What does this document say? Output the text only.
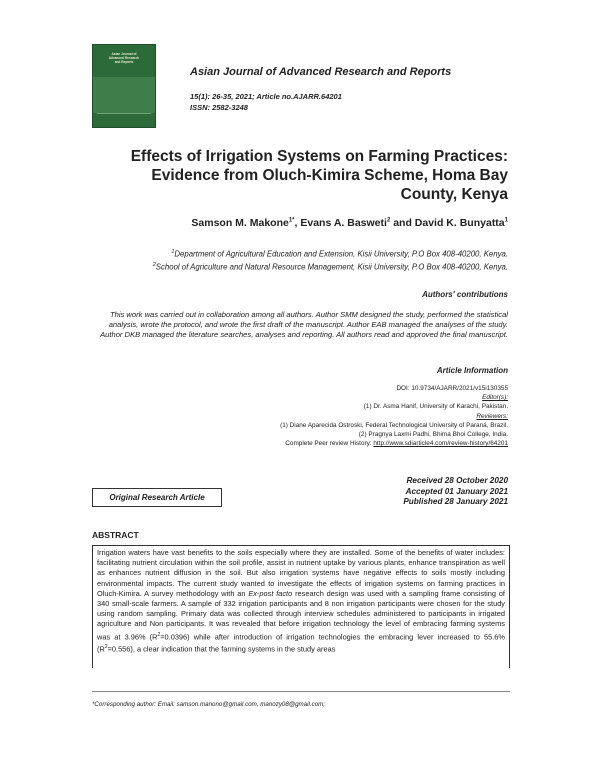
Asian Journal of
Advanced Research
and Reports
Asian Journal of Advanced Research and Reports
15(1): 26-35, 2021; Article no.AJARR.64201
ISSN: 2582-3248
Effects of Irrigation Systems on Farming Practices: Evidence from Oluch-Kimira Scheme, Homa Bay County, Kenya
Samson M. Makone$^{1*}$, Evans A. Basweti$^2$ and David K. Bunyatta$^1$
$^1$Department of Agricultural Education and Extension, Kisii University, P.O Box 408-40200, Kenya.
$^2$School of Agriculture and Natural Resource Management, Kisii University, P.O Box 408-40200, Kenya.
Authors' contributions
This work was carried out in collaboration among all authors. Author SMM designed the study, performed the statistical analysis, wrote the protocol, and wrote the first draft of the manuscript. Author EAB managed the analyses of the study. Author DKB managed the literature searches, analyses and reporting. All authors read and approved the final manuscript.
Article Information
DOI: 10.9734/AJARR/2021/v15i130355
Editor(s):
(1) Dr. Asma Hanif, University of Karachi, Pakistan.
Reviewers:
(1) Diane Aparecida Ostroski, Federal Technological University of Paraná, Brazil.
(2) Pragnya Laxmi Padhi, Bhima Bhoi College, India.
Complete Peer review History: http://www.sdiarticle4.com/review-history/64201
Received 28 October 2020
Accepted 01 January 2021
Published 28 January 2021
Original Research Article
ABSTRACT
Irrigation waters have vast benefits to the soils especially where they are installed. Some of the benefits of water includes: facilitating nutrient circulation within the soil profile, assist in nutrient uptake by various plants, enhance transpiration as well as enhances nutrient diffusion in the soil. But also irrigation systems have negative effects to soils mostly including environmental impacts. The current study wanted to investigate the effects of irrigation systems on farming practices in Oluch-Kimira. A survey methodology with an Ex-post facto research design was used with a sampling frame consisting of 340 small-scale farmers. A sample of 332 irrigation participants and 8 non irrigation participants were chosen for the study using random sampling. Primary data was collected through interview schedules administered to participants in irrigated agriculture and Non participants. It was revealed that before irrigation technology the level of embracing farming systems was at 3.96% $(R^2=0.0396)$ while after introduction of irrigation technologies the embracing lever increased to 55.6% $(R^2=0.556)$, a clear indication that the farming systems in the study areas
*Corresponding author: Email: samson.manono@gmail.com, manozy08@gmail.com;
